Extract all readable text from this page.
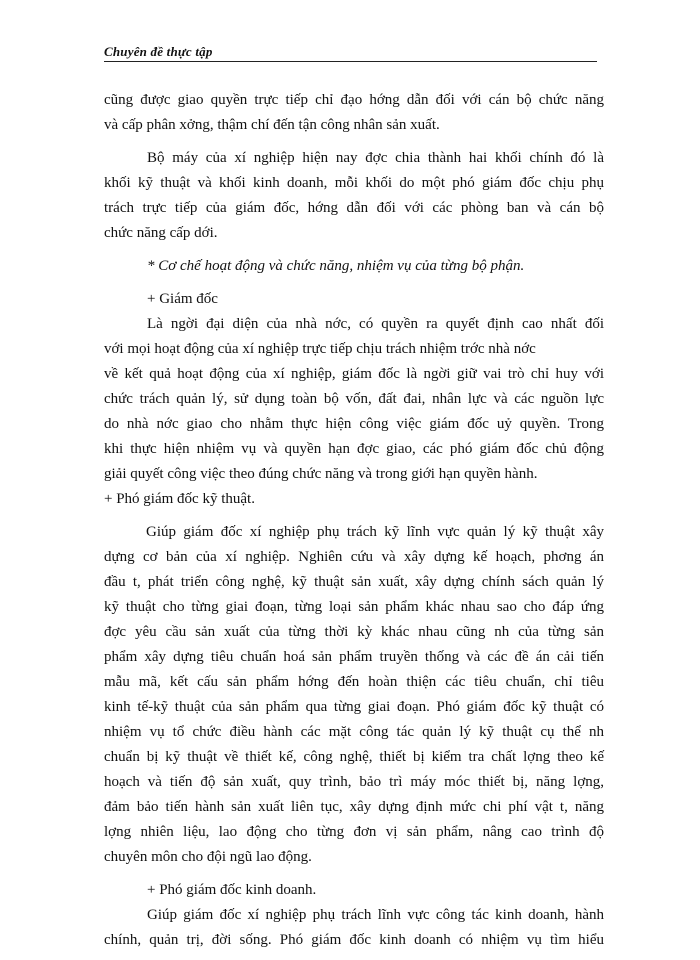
Chuyên đề thực tập
cũng được giao quyền trực tiếp chỉ đạo hớng dẫn đối với cán bộ chức năng
và cấp phân xởng, thậm chí đến tận công nhân sản xuất.
Bộ máy của xí nghiệp hiện nay đợc chia thành hai khối chính đó là
khối kỹ thuật và khối kinh doanh, mỗi khối do một phó giám đốc chịu phụ
trách trực tiếp của giám đốc, hớng dẫn đối với các phòng ban và cán bộ
chức năng cấp dới.
* Cơ chế hoạt động và chức năng, nhiệm vụ của từng bộ phận.
+ Giám đốc
Là ngời đại diện của nhà nớc, có quyền ra quyết định cao nhất đối
với mọi hoạt động của xí nghiệp trực tiếp chịu trách nhiệm trớc nhà nớc
về kết quả hoạt động của xí nghiệp, giám đốc là ngời giữ vai trò chỉ huy với
chức trách quản lý, sử dụng toàn bộ vốn, đất đai, nhân lực và các nguồn lực
do nhà nớc giao cho nhằm thực hiện công việc giám đốc uỷ quyền. Trong
khi thực hiện nhiệm vụ và quyền hạn đợc giao, các phó giám đốc chủ động
giải quyết công việc theo đúng chức năng và trong giới hạn quyền hành.
+ Phó giám đốc kỹ thuật.
Giúp giám đốc xí nghiệp phụ trách kỹ lĩnh vực quản lý kỹ thuật xây
dựng cơ bản của xí nghiệp. Nghiên cứu và xây dựng kế hoạch, phơng án
đầu t, phát triển công nghệ, kỹ thuật sản xuất, xây dựng chính sách quản lý
kỹ thuật cho từng giai đoạn, từng loại sản phẩm khác nhau sao cho đáp ứng
đợc yêu cầu sản xuất của từng thời kỳ khác nhau cũng nh của từng sản
phẩm xây dựng tiêu chuẩn hoá sản phẩm truyền thống và các đề án cải tiến
mẫu mã, kết cấu sản phẩm hớng đến hoàn thiện các tiêu chuẩn, chỉ tiêu
kinh tế-kỹ thuật của sản phẩm qua từng giai đoạn. Phó giám đốc kỹ thuật có
nhiệm vụ tổ chức điều hành các mặt công tác quản lý kỹ thuật cụ thể nh
chuẩn bị kỹ thuật về thiết kế, công nghệ, thiết bị kiểm tra chất lợng theo kế
hoạch và tiến độ sản xuất, quy trình, bảo trì máy móc thiết bị, năng lợng,
đảm bảo tiến hành sản xuất liên tục, xây dựng định mức chi phí vật t, năng
lợng nhiên liệu, lao động cho từng đơn vị sản phẩm, nâng cao trình độ
chuyên môn cho đội ngũ lao động.
+ Phó giám đốc kinh doanh.
Giúp giám đốc xí nghiệp phụ trách lĩnh vực công tác kinh doanh, hành
chính, quản trị, đời sống. Phó giám đốc kinh doanh có nhiệm vụ tìm hiểu
